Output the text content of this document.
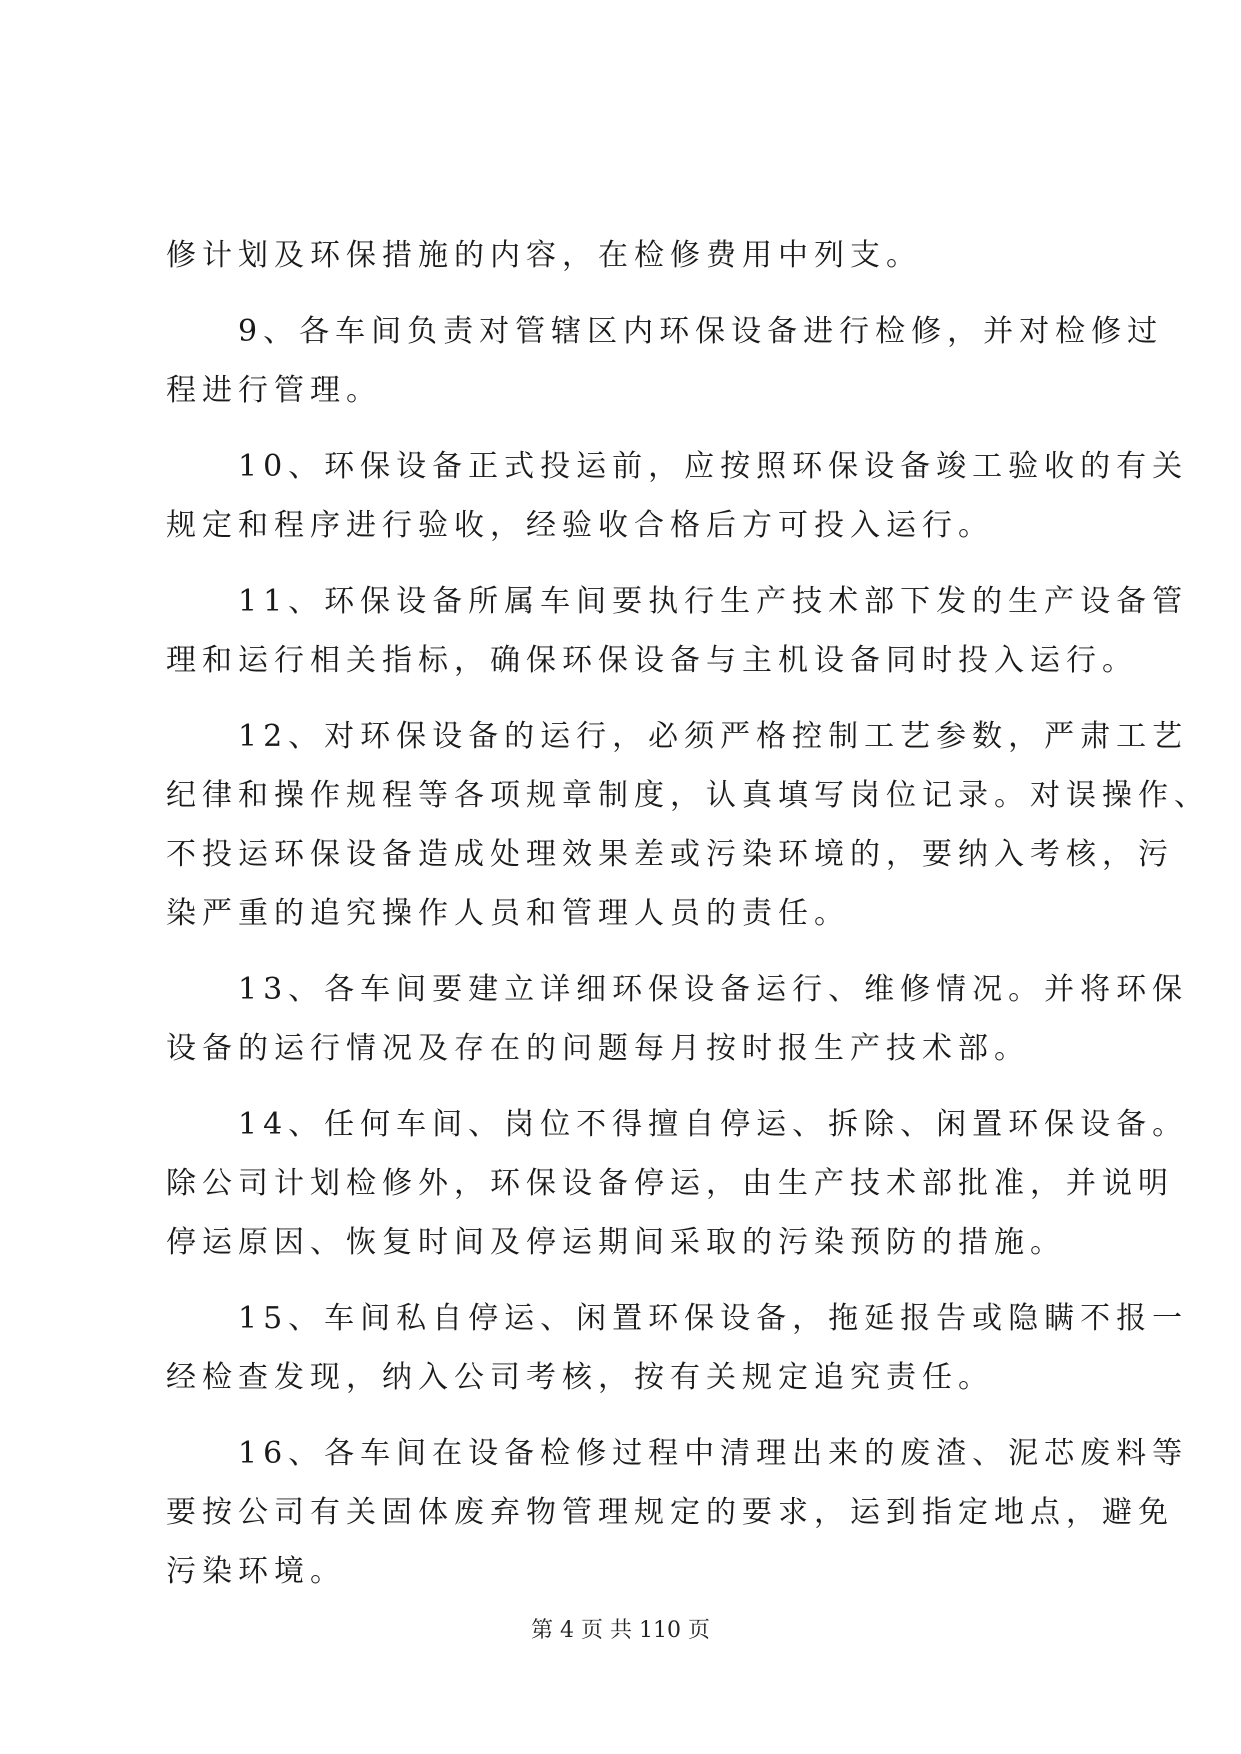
修计划及环保措施的内容，在检修费用中列支。
　　9、各车间负责对管辖区内环保设备进行检修，并对检修过
程进行管理。
　　10、环保设备正式投运前，应按照环保设备竣工验收的有关
规定和程序进行验收，经验收合格后方可投入运行。
　　11、环保设备所属车间要执行生产技术部下发的生产设备管
理和运行相关指标，确保环保设备与主机设备同时投入运行。
　　12、对环保设备的运行，必须严格控制工艺参数，严肃工艺
纪律和操作规程等各项规章制度，认真填写岗位记录。对误操作、
不投运环保设备造成处理效果差或污染环境的，要纳入考核，污
染严重的追究操作人员和管理人员的责任。
　　13、各车间要建立详细环保设备运行、维修情况。并将环保
设备的运行情况及存在的问题每月按时报生产技术部。
　　14、任何车间、岗位不得擅自停运、拆除、闲置环保设备。
除公司计划检修外，环保设备停运，由生产技术部批准，并说明
停运原因、恢复时间及停运期间采取的污染预防的措施。
　　15、车间私自停运、闲置环保设备，拖延报告或隐瞒不报一
经检查发现，纳入公司考核，按有关规定追究责任。
　　16、各车间在设备检修过程中清理出来的废渣、泥芯废料等
要按公司有关固体废弃物管理规定的要求，运到指定地点，避免
污染环境。
第 4 页 共 110 页
